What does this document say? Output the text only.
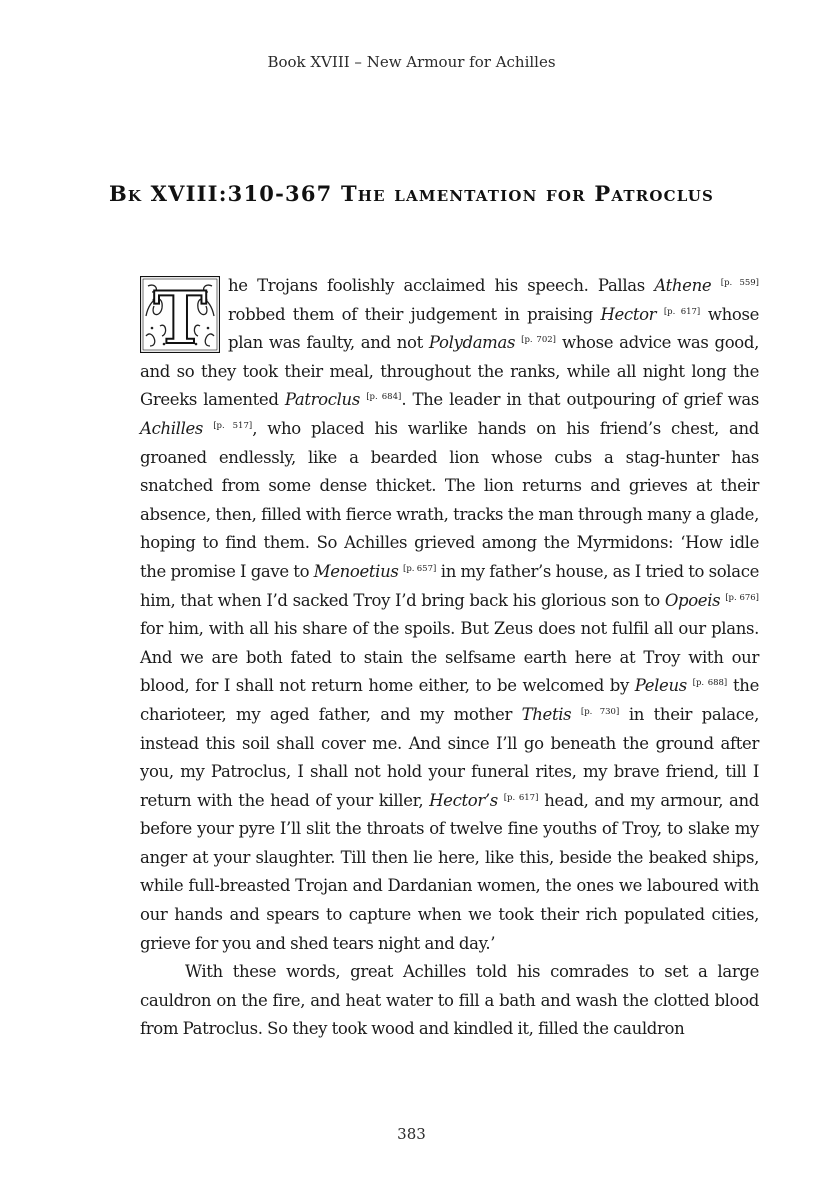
Book XVIII – New Armour for Achilles
Bk XVIII:310-367 The lamentation for Patroclus

T he Trojans foolishly acclaimed his speech. Pallas Athene [p. 559] robbed them of their judgement in praising Hector [p. 617] whose plan was faulty, and not Polydamas [p. 702] whose advice was good, and so they took their meal, throughout the ranks, while all night long the Greeks lamented Patroclus [p. 684]. The leader in that outpouring of grief was Achilles [p. 517], who placed his warlike hands on his friend’s chest, and groaned endlessly, like a bearded lion whose cubs a stag-hunter has snatched from some dense thicket. The lion returns and grieves at their absence, then, filled with fierce wrath, tracks the man through many a glade, hoping to find them. So Achilles grieved among the Myrmidons: ‘How idle the promise I gave to Menoetius [p. 657] in my father’s house, as I tried to solace him, that when I’d sacked Troy I’d bring back his glorious son to Opoeis [p. 676] for him, with all his share of the spoils. But Zeus does not fulfil all our plans. And we are both fated to stain the selfsame earth here at Troy with our blood, for I shall not return home either, to be welcomed by Peleus [p. 688] the charioteer, my aged father, and my mother Thetis [p. 730] in their palace, instead this soil shall cover me. And since I’ll go beneath the ground after you, my Patroclus, I shall not hold your funeral rites, my brave friend, till I return with the head of your killer, Hector’s [p. 617] head, and my armour, and before your pyre I’ll slit the throats of twelve fine youths of Troy, to slake my anger at your slaughter. Till then lie here, like this, beside the beaked ships, while full-breasted Trojan and Dardanian women, the ones we laboured with our hands and spears to capture when we took their rich populated cities, grieve for you and shed tears night and day.’

With these words, great Achilles told his comrades to set a large cauldron on the fire, and heat water to fill a bath and wash the clotted blood from Patroclus. So they took wood and kindled it, filled the cauldron

383
